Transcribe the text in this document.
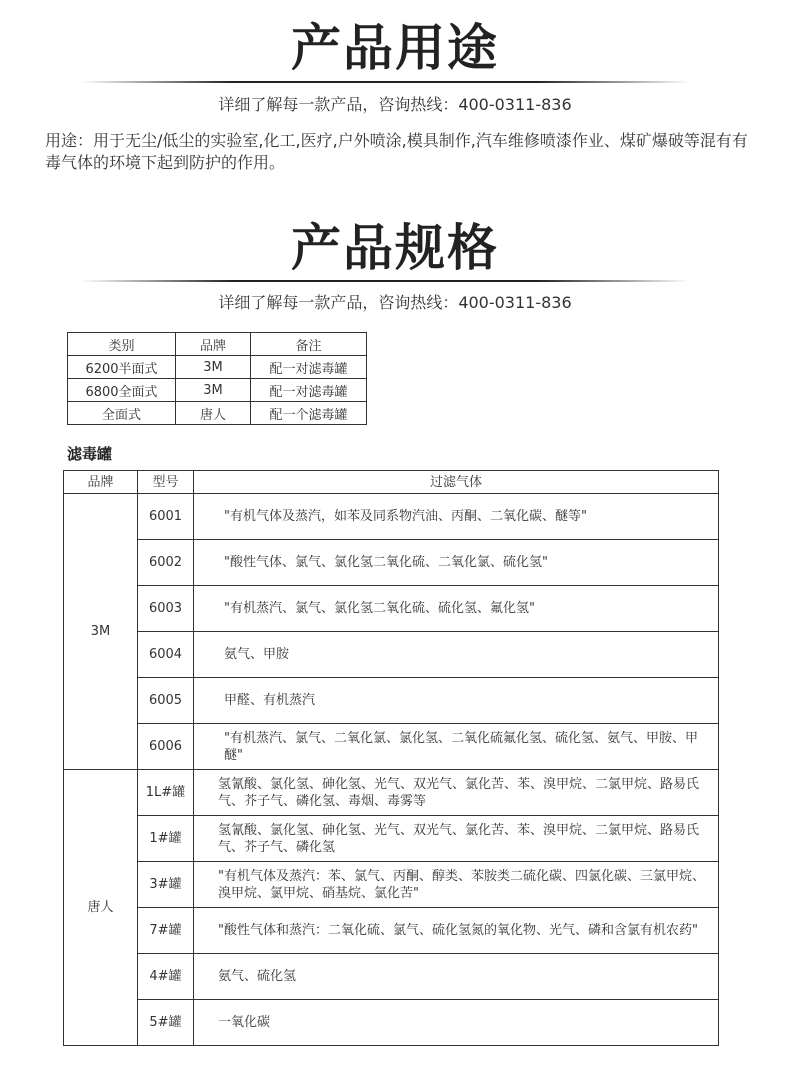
产品用途
详细了解每一款产品，咨询热线：400-0311-836
用途：用于无尘/低尘的实验室,化工,医疗,户外喷涂,模具制作,汽车维修喷漆作业、煤矿爆破等混有有毒气体的环境下起到防护的作用。
产品规格
详细了解每一款产品，咨询热线：400-0311-836
类别	品牌	备注
6200半面式	3M	配一对滤毒罐
6800全面式	3M	配一对滤毒罐
全面式	唐人	配一个滤毒罐
滤毒罐
品牌	型号	过滤气体
3M	6001	"有机气体及蒸汽，如苯及同系物汽油、丙酮、二氧化碳、醚等"
	6002	"酸性气体、氯气、氯化氢二氧化硫、二氧化氯、硫化氢"
	6003	"有机蒸汽、氯气、氯化氢二氧化硫、硫化氢、氟化氢"
	6004	氨气、甲胺
	6005	甲醛、有机蒸汽
	6006	"有机蒸汽、氯气、二氧化氯、氯化氢、二氧化硫氟化氢、硫化氢、氨气、甲胺、甲醚"
唐人	1L#罐	氢氰酸、氯化氢、砷化氢、光气、双光气、氯化苦、苯、溴甲烷、二氯甲烷、路易氏气、芥子气、磷化氢、毒烟、毒雾等
	1#罐	氢氰酸、氯化氢、砷化氢、光气、双光气、氯化苦、苯、溴甲烷、二氯甲烷、路易氏气、芥子气、磷化氢
	3#罐	"有机气体及蒸汽：苯、氯气、丙酮、醇类、苯胺类二硫化碳、四氯化碳、三氯甲烷、溴甲烷、氯甲烷、硝基烷、氯化苦"
	7#罐	"酸性气体和蒸汽：二氧化硫、氯气、硫化氢氮的氧化物、光气、磷和含氯有机农药"
	4#罐	氨气、硫化氢
	5#罐	一氧化碳
